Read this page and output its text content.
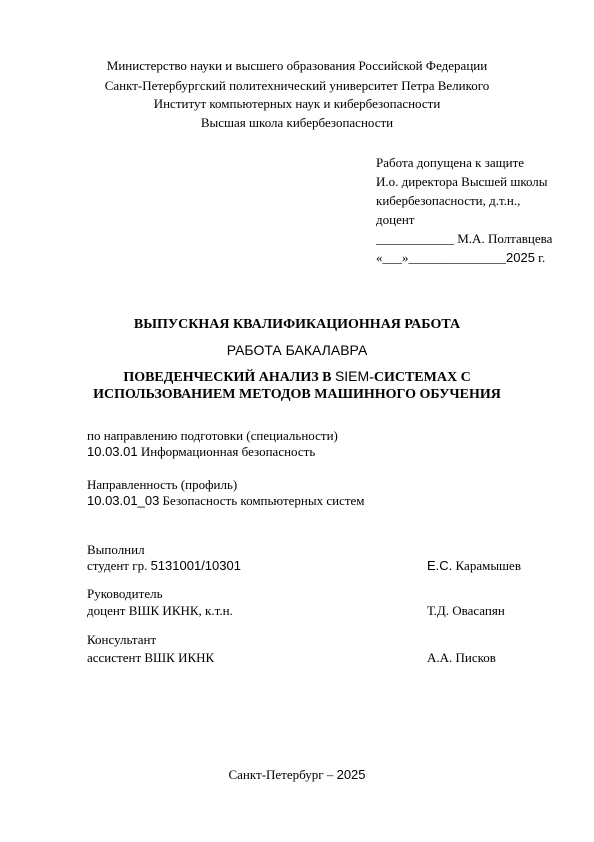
Министерство науки и высшего образования Российской Федерации
Санкт-Петербургский политехнический университет Петра Великого
Институт компьютерных наук и кибербезопасности
Высшая школа кибербезопасности
Работа допущена к защите
И.о. директора Высшей школы
кибербезопасности, д.т.н.,
доцент
____________ М.А. Полтавцева
«___»_______________2025 г.
ВЫПУСКНАЯ КВАЛИФИКАЦИОННАЯ РАБОТА
РАБОТА БАКАЛАВРА
ПОВЕДЕНЧЕСКИЙ АНАЛИЗ В SIEM-СИСТЕМАХ С
ИСПОЛЬЗОВАНИЕМ МЕТОДОВ МАШИННОГО ОБУЧЕНИЯ
по направлению подготовки (специальности)
10.03.01 Информационная безопасность
Направленность (профиль)
10.03.01_03 Безопасность компьютерных систем
Выполнил
студент гр. 5131001/10301	Е.С. Карамышев
Руководитель
доцент ВШК ИКНК, к.т.н.	Т.Д. Овасапян
Консультант
ассистент ВШК ИКНК	А.А. Писков
Санкт-Петербург – 2025
